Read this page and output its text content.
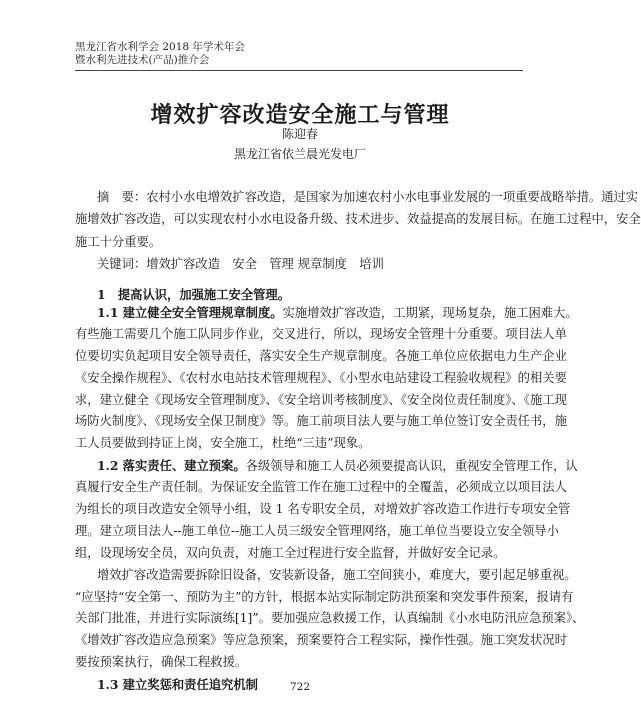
黑龙江省水利学会 2018 年学术年会
暨水利先进技术(产品)推介会
增效扩容改造安全施工与管理
陈迎春
黑龙江省依兰晨光发电厂
摘　要：农村小水电增效扩容改造，是国家为加速农村小水电事业发展的一项重要战略举措。通过实
施增效扩容改造，可以实现农村小水电设备升级、技术进步、效益提高的发展目标。在施工过程中，安全
施工十分重要。
关键词：增效扩容改造　 安全　 管理 规章制度　 培训
1　提高认识，加强施工安全管理。
1.1 建立健全安全管理规章制度。实施增效扩容改造，工期紧，现场复杂，施工困难大。
有些施工需要几个施工队同步作业，交叉进行，所以，现场安全管理十分重要。项目法人单
位要切实负起项目安全领导责任，落实安全生产规章制度。各施工单位应依据电力生产企业
《安全操作规程》、《农村水电站技术管理规程》、《小型水电站建设工程验收规程》的相关要
求，建立健全《现场安全管理制度》、《安全培训考核制度》、《安全岗位责任制度》、《施工现
场防火制度》、《现场安全保卫制度》等。施工前项目法人要与施工单位签订安全责任书，施
工人员要做到持证上岗，安全施工，杜绝“三违”现象。
1.2 落实责任、建立预案。各级领导和施工人员必须要提高认识，重视安全管理工作，认
真履行安全生产责任制。为保证安全监管工作在施工过程中的全覆盖，必须成立以项目法人
为组长的项目改造安全领导小组，设 1 名专职安全员，对增效扩容改造工作进行专项安全管
理。建立项目法人--施工单位--施工人员三级安全管理网络，施工单位当要设立安全领导小
组，设现场安全员，双向负责，对施工全过程进行安全监督，并做好安全记录。
增效扩容改造需要拆除旧设备，安装新设备，施工空间狭小，难度大，要引起足够重视。
“应坚持“安全第一、预防为主”的方针，根据本站实际制定防洪预案和突发事件预案，报请有
关部门批准，并进行实际演练[1]”。要加强应急救援工作，认真编制《小水电防汛应急预案》、
《增效扩容改造应急预案》等应急预案，预案要符合工程实际，操作性强。施工突发状况时
要按预案执行，确保工程救援。
1.3 建立奖惩和责任追究机制	722
